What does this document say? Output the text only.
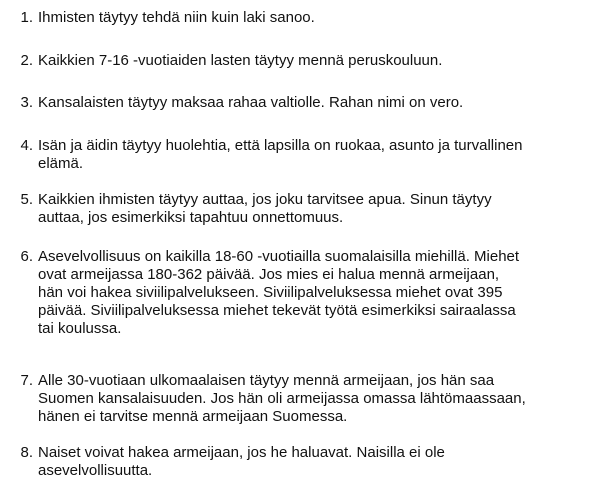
1. Ihmisten täytyy tehdä niin kuin laki sanoo.
2. Kaikkien 7-16 -vuotiaiden lasten täytyy mennä peruskouluun.
3. Kansalaisten täytyy maksaa rahaa valtiolle. Rahan nimi on vero.
4. Isän ja äidin täytyy huolehtia, että lapsilla on ruokaa, asunto ja turvallinen
elämä.
5. Kaikkien ihmisten täytyy auttaa, jos joku tarvitsee apua. Sinun täytyy
auttaa, jos esimerkiksi tapahtuu onnettomuus.
6. Asevelvollisuus on kaikilla 18-60 -vuotiailla suomalaisilla miehillä. Miehet
ovat armeijassa 180-362 päivää. Jos mies ei halua mennä armeijaan,
hän voi hakea siviilipalvelukseen. Siviilipalveluksessa miehet ovat 395
päivää. Siviilipalveluksessa miehet tekevät työtä esimerkiksi sairaalassa
tai koulussa.
7. Alle 30-vuotiaan ulkomaalaisen täytyy mennä armeijaan, jos hän saa
Suomen kansalaisuuden. Jos hän oli armeijassa omassa lähtömaassaan,
hänen ei tarvitse mennä armeijaan Suomessa.
8. Naiset voivat hakea armeijaan, jos he haluavat. Naisilla ei ole
asevelvollisuutta.
